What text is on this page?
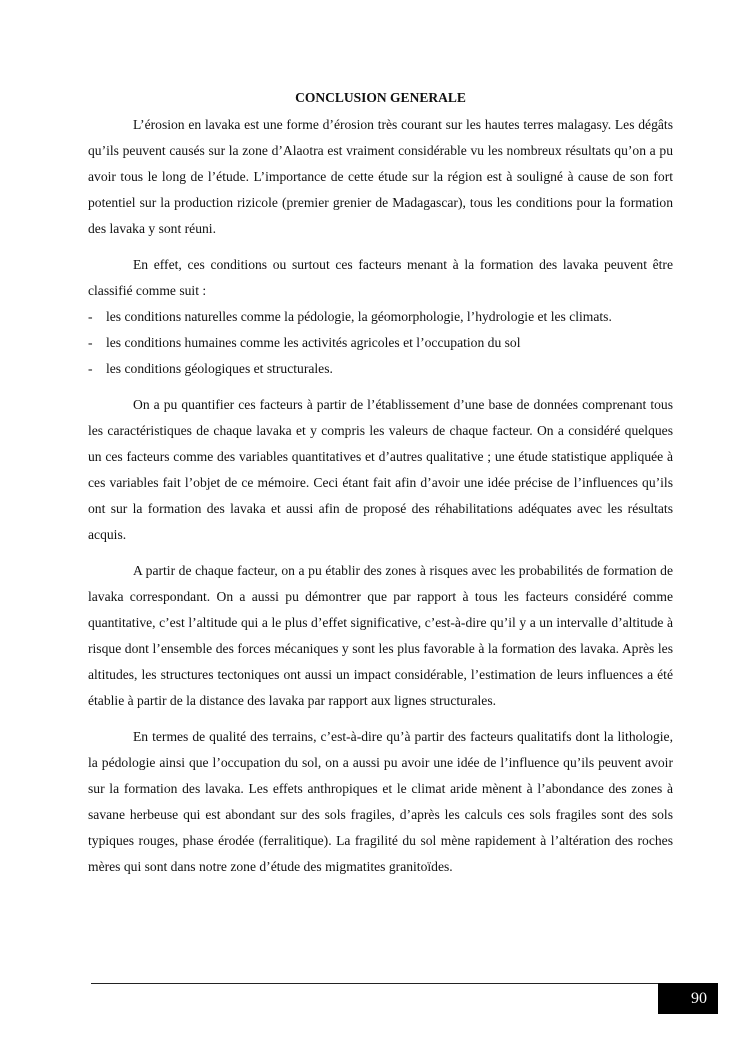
CONCLUSION GENERALE

L’érosion en lavaka est une forme d’érosion très courant sur les hautes terres malagasy. Les dégâts qu’ils peuvent causés sur la zone d’Alaotra est vraiment considérable vu les nombreux résultats qu’on a pu avoir tous le long de l’étude. L’importance de cette étude sur la région est à souligné à cause de son fort potentiel sur la production rizicole (premier grenier de Madagascar), tous les conditions pour la formation des lavaka y sont réuni.

En effet, ces conditions ou surtout ces facteurs menant à la formation des lavaka peuvent être classifié comme suit :

- les conditions naturelles comme la pédologie, la géomorphologie, l’hydrologie et les climats.
- les conditions humaines comme les activités agricoles et l’occupation du sol
- les conditions géologiques et structurales.

On a pu quantifier ces facteurs à partir de l’établissement d’une base de données comprenant tous les caractéristiques de chaque lavaka et y compris les valeurs de chaque facteur. On a considéré quelques un ces facteurs comme des variables quantitatives et d’autres qualitative ; une étude statistique appliquée à ces variables fait l’objet de ce mémoire. Ceci étant fait afin d’avoir une idée précise de l’influences qu’ils ont sur la formation des lavaka et aussi afin de proposé des réhabilitations adéquates avec les résultats acquis.

A partir de chaque facteur, on a pu établir des zones à risques avec les probabilités de formation de lavaka correspondant. On a aussi pu démontrer que par rapport à tous les facteurs considéré comme quantitative, c’est l’altitude qui a le plus d’effet significative, c’est-à-dire qu’il y a un intervalle d’altitude à risque dont l’ensemble des forces mécaniques y sont les plus favorable à la formation des lavaka. Après les altitudes, les structures tectoniques ont aussi un impact considérable, l’estimation de leurs influences a été établie à partir de la distance des lavaka par rapport aux lignes structurales.

En termes de qualité des terrains, c’est-à-dire qu’à partir des facteurs qualitatifs dont la lithologie, la pédologie ainsi que l’occupation du sol, on a aussi pu avoir une idée de l’influence qu’ils peuvent avoir sur la formation des lavaka. Les effets anthropiques et le climat aride mènent à l’abondance des zones à savane herbeuse qui est abondant sur des sols fragiles, d’après les calculs ces sols fragiles sont des sols typiques rouges, phase érodée (ferralitique). La fragilité du sol mène rapidement à l’altération des roches mères qui sont dans notre zone d’étude des migmatites granitoïdes.

90
